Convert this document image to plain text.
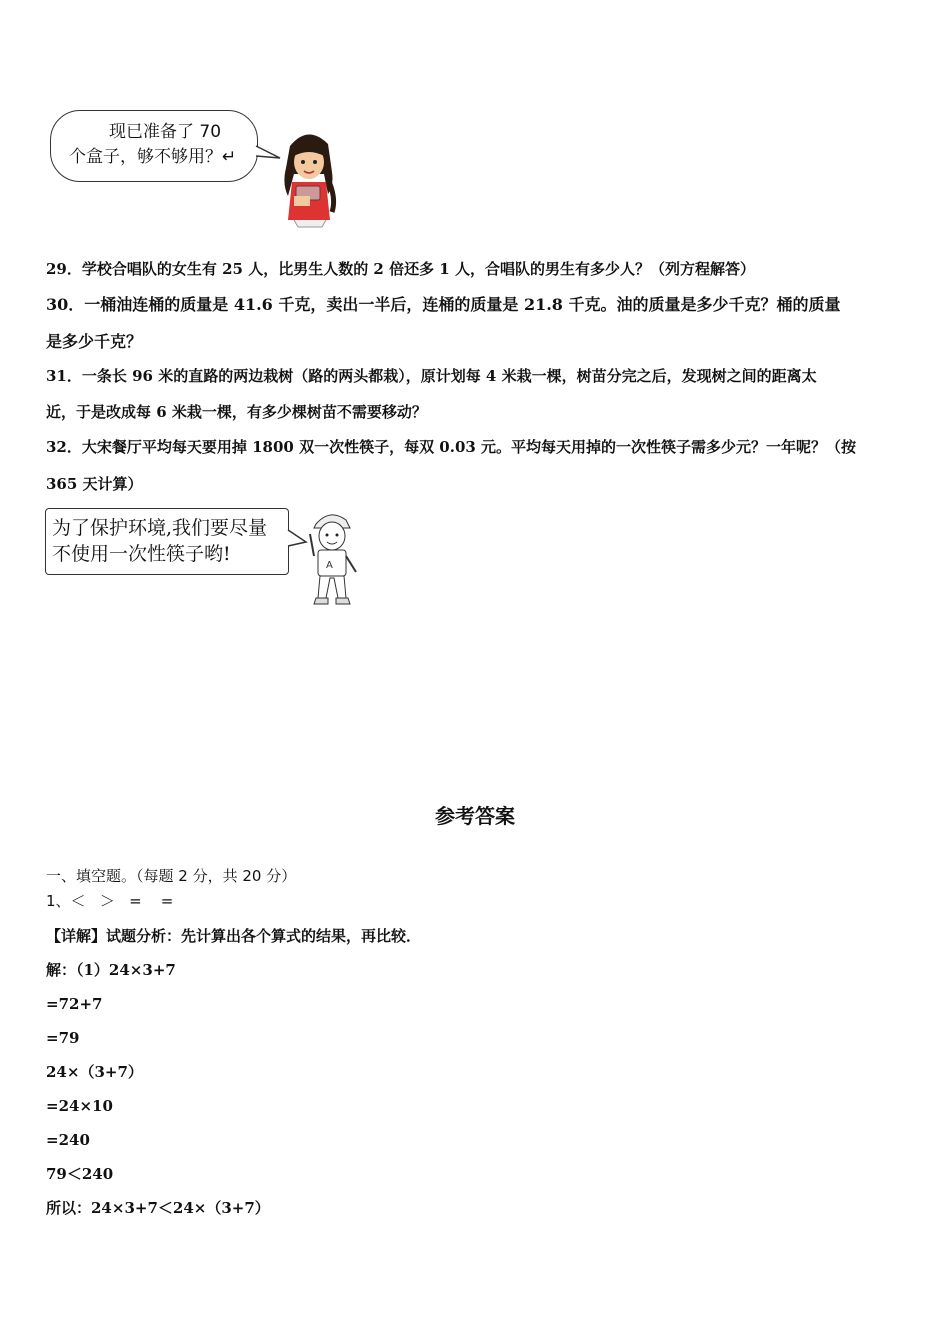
现已准备了 70
个盒子，够不够用？↵
29．学校合唱队的女生有 25 人，比男生人数的 2 倍还多 1 人，合唱队的男生有多少人？（列方程解答）
30．一桶油连桶的质量是 41.6 千克，卖出一半后，连桶的质量是 21.8 千克。油的质量是多少千克？桶的质量
是多少千克？
31．一条长 96 米的直路的两边栽树（路的两头都栽），原计划每 4 米栽一棵，树苗分完之后，发现树之间的距离太
近，于是改成每 6 米栽一棵，有多少棵树苗不需要移动？
32．大宋餐厅平均每天要用掉 1800 双一次性筷子，每双 0.03 元。平均每天用掉的一次性筷子需多少元？一年呢？（按
365 天计算）
为了保护环境,我们要尽量
不使用一次性筷子哟!
A
参考答案
一、填空题。（每题 2 分，共 20 分）
1、＜   ＞   =    =
【详解】试题分析：先计算出各个算式的结果，再比较．
解：（1）24×3+7
=72+7
=79
24×（3+7）
=24×10
=240
79＜240
所以：24×3+7＜24×（3+7）
